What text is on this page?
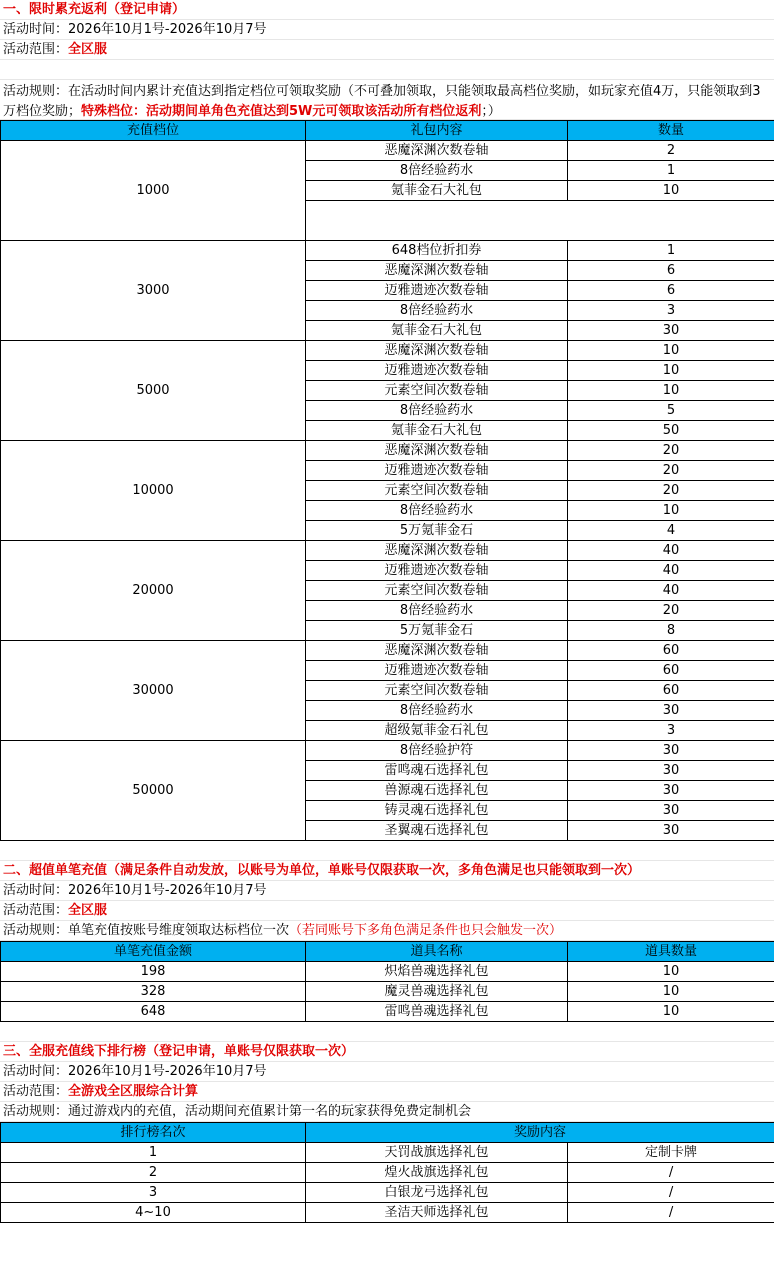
一、限时累充返利（登记申请）
活动时间：2026年10月1号-2026年10月7号
活动范围：全区服
活动规则：在活动时间内累计充值达到指定档位可领取奖励（不可叠加领取，只能领取最高档位奖励，如玩家充值4万，只能领取到3万档位奖励；特殊档位：活动期间单角色充值达到5W元可领取该活动所有档位返利；）
充值档位	礼包内容	数量
1000	恶魔深渊次数卷轴	2
	8倍经验药水	1
	氪菲金石大礼包	10

3000	648档位折扣券	1
	恶魔深渊次数卷轴	6
	迈雅遗迹次数卷轴	6
	8倍经验药水	3
	氪菲金石大礼包	30
5000	恶魔深渊次数卷轴	10
	迈雅遗迹次数卷轴	10
	元素空间次数卷轴	10
	8倍经验药水	5
	氪菲金石大礼包	50
10000	恶魔深渊次数卷轴	20
	迈雅遗迹次数卷轴	20
	元素空间次数卷轴	20
	8倍经验药水	10
	5万氪菲金石	4
20000	恶魔深渊次数卷轴	40
	迈雅遗迹次数卷轴	40
	元素空间次数卷轴	40
	8倍经验药水	20
	5万氪菲金石	8
30000	恶魔深渊次数卷轴	60
	迈雅遗迹次数卷轴	60
	元素空间次数卷轴	60
	8倍经验药水	30
	超级氪菲金石礼包	3
50000	8倍经验护符	30
	雷鸣魂石选择礼包	30
	兽源魂石选择礼包	30
	铸灵魂石选择礼包	30
	圣翼魂石选择礼包	30
二、超值单笔充值（满足条件自动发放，以账号为单位，单账号仅限获取一次，多角色满足也只能领取到一次）
活动时间：2026年10月1号-2026年10月7号
活动范围：全区服
活动规则：单笔充值按账号维度领取达标档位一次（若同账号下多角色满足条件也只会触发一次）
单笔充值金额	道具名称	道具数量
198	炽焰兽魂选择礼包	10
328	魔灵兽魂选择礼包	10
648	雷鸣兽魂选择礼包	10
三、全服充值线下排行榜（登记申请，单账号仅限获取一次）
活动时间：2026年10月1号-2026年10月7号
活动范围：全游戏全区服综合计算
活动规则：通过游戏内的充值，活动期间充值累计第一名的玩家获得免费定制机会
排行榜名次	奖励内容	
1	天罚战旗选择礼包	定制卡牌
2	煌火战旗选择礼包	/
3	白银龙弓选择礼包	/
4~10	圣洁天师选择礼包	/
